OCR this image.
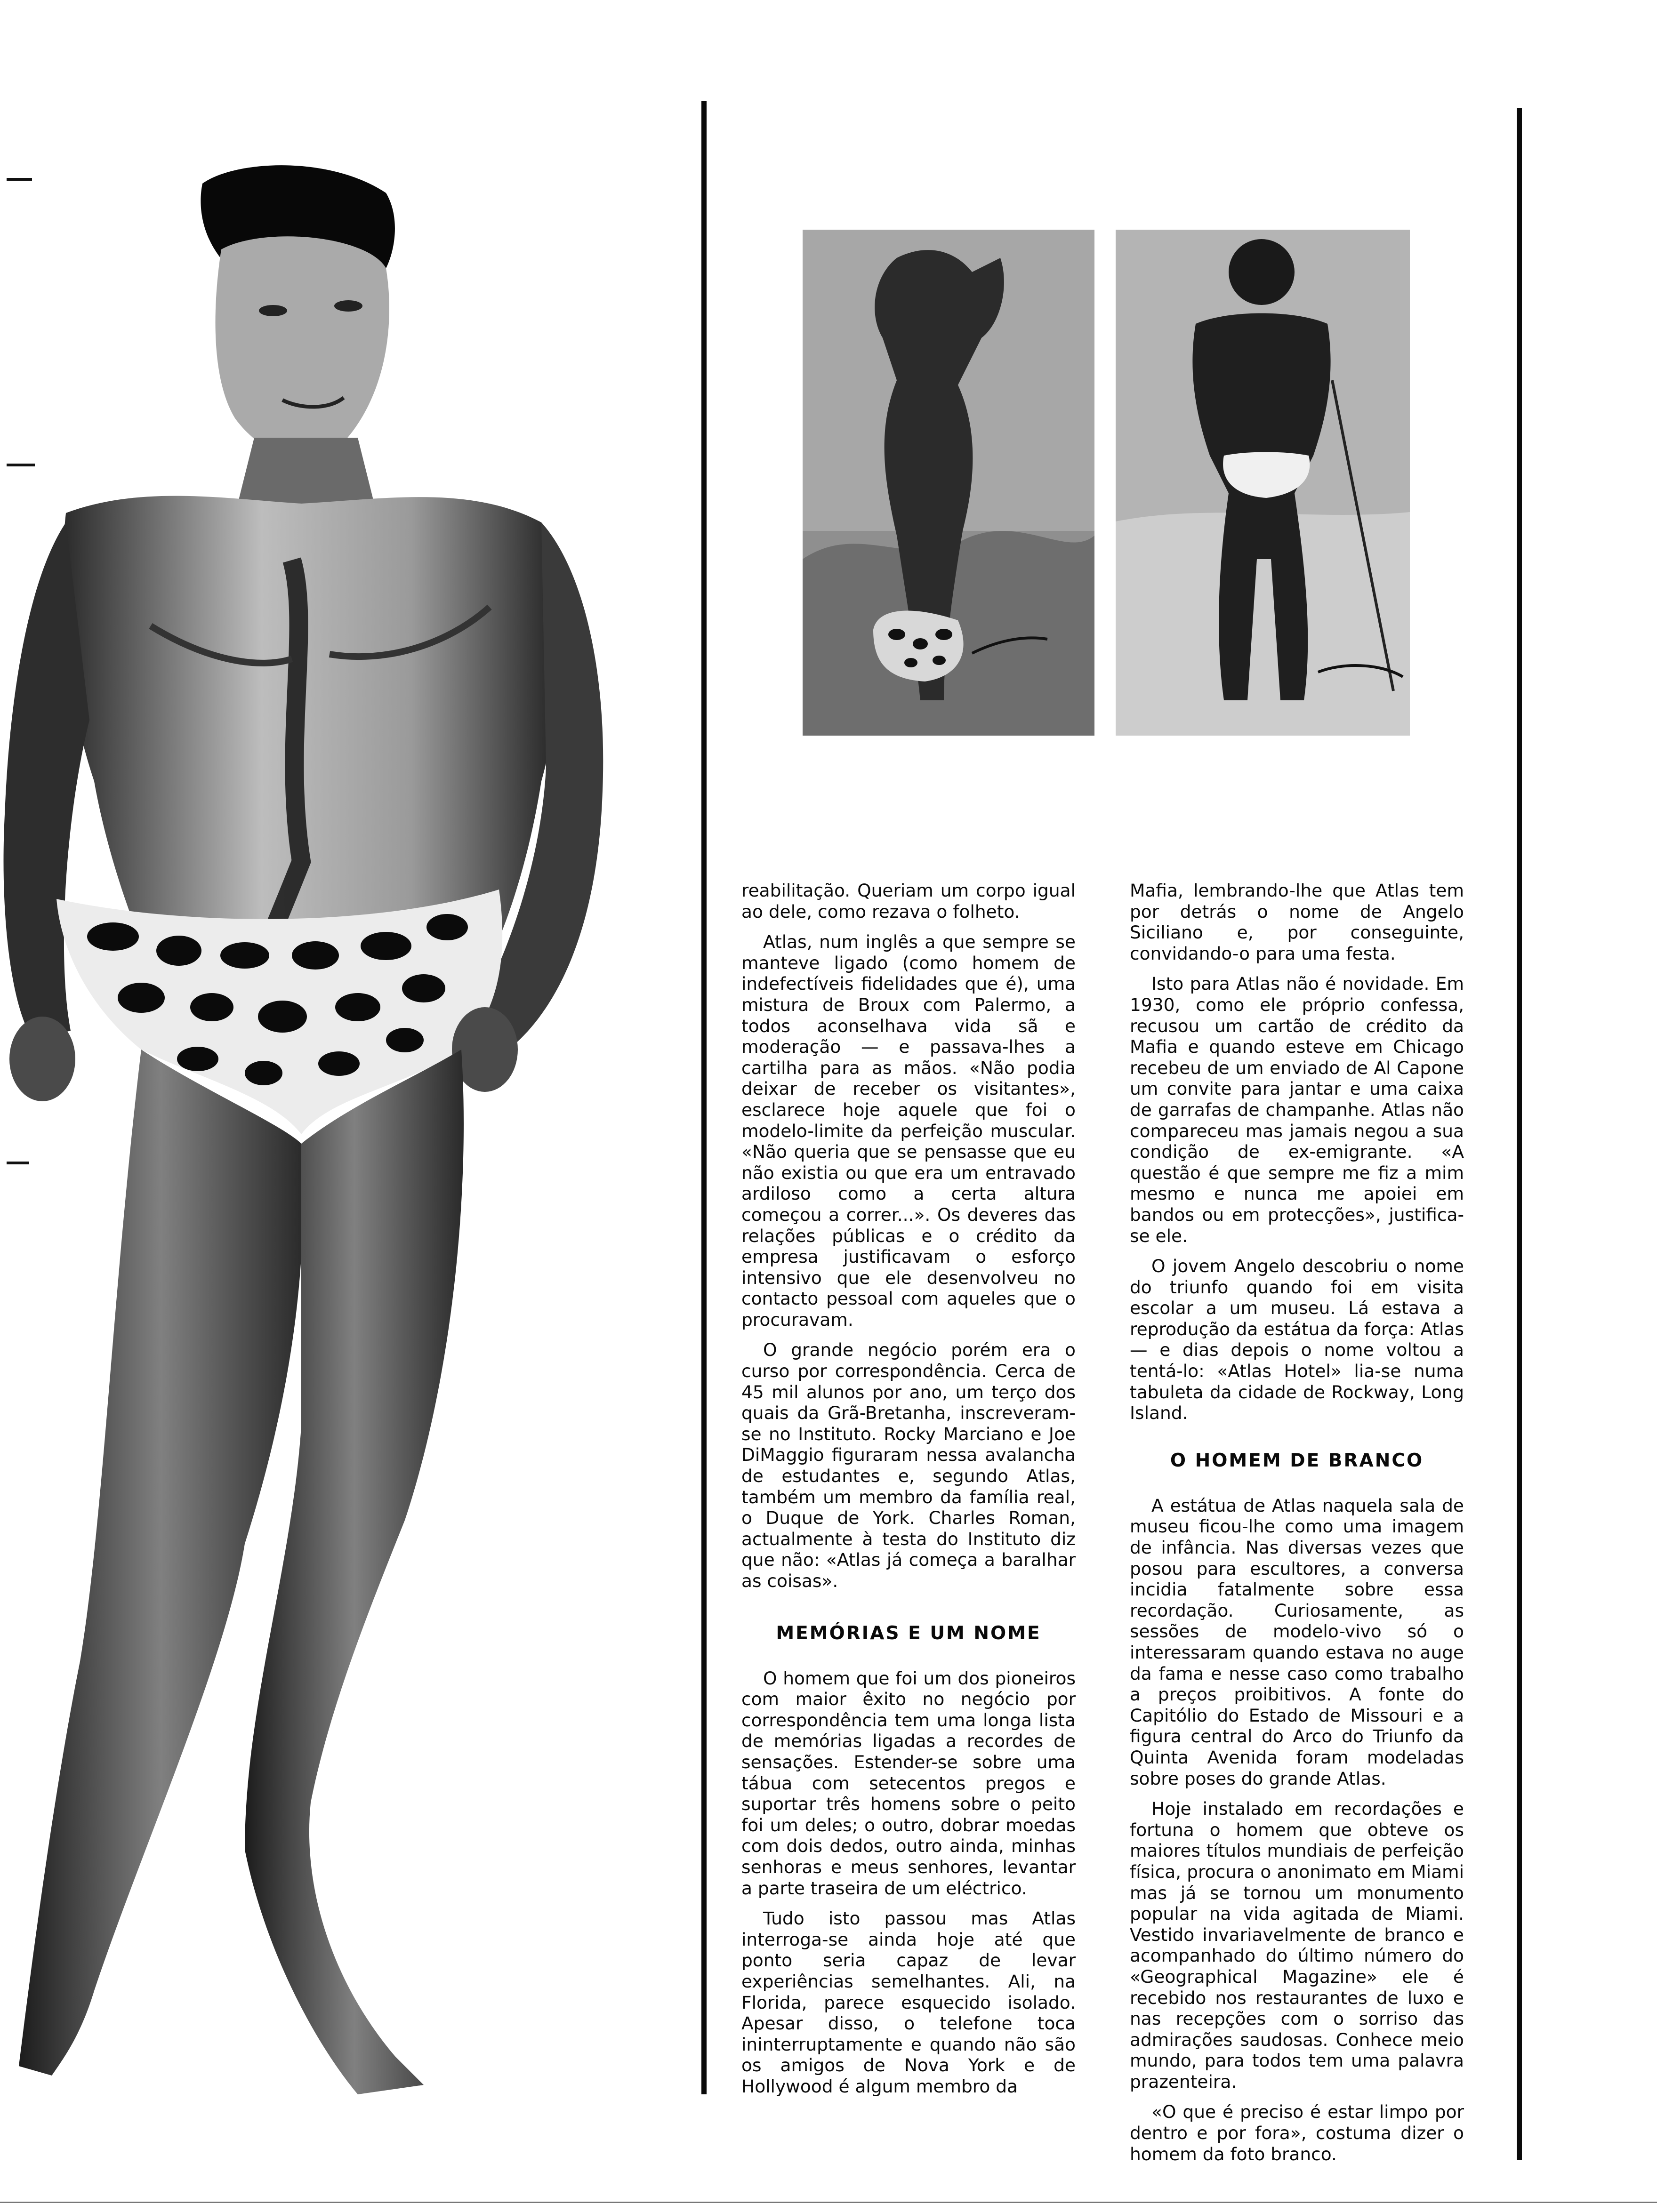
reabilitação. Queriam um corpo igual ao dele, como rezava o folheto.

Atlas, num inglês a que sempre se manteve ligado (como homem de indefectíveis fidelidades que é), uma mistura de Broux com Palermo, a todos aconselhava vida sã e moderação — e passava-lhes a cartilha para as mãos. «Não podia deixar de receber os visitantes», esclarece hoje aquele que foi o modelo-limite da perfeição muscular. «Não queria que se pensasse que eu não existia ou que era um entravado ardiloso como a certa altura começou a correr...». Os deveres das relações públicas e o crédito da empresa justificavam o esforço intensivo que ele desenvolveu no contacto pessoal com aqueles que o procuravam.

O grande negócio porém era o curso por correspondência. Cerca de 45 mil alunos por ano, um terço dos quais da Grã-Bretanha, inscreveram-se no Instituto. Rocky Marciano e Joe DiMaggio figuraram nessa avalancha de estudantes e, segundo Atlas, também um membro da família real, o Duque de York. Charles Roman, actualmente à testa do Instituto diz que não: «Atlas já começa a baralhar as coisas».

MEMÓRIAS E UM NOME

O homem que foi um dos pioneiros com maior êxito no negócio por correspondência tem uma longa lista de memórias ligadas a recordes de sensações. Estender-se sobre uma tábua com setecentos pregos e suportar três homens sobre o peito foi um deles; o outro, dobrar moedas com dois dedos, outro ainda, minhas senhoras e meus senhores, levantar a parte traseira de um eléctrico.

Tudo isto passou mas Atlas interroga-se ainda hoje até que ponto seria capaz de levar experiências semelhantes. Ali, na Florida, parece esquecido isolado. Apesar disso, o telefone toca ininterruptamente e quando não são os amigos de Nova York e de Hollywood é algum membro da

Mafia, lembrando-lhe que Atlas tem por detrás o nome de Angelo Siciliano e, por conseguinte, convidando-o para uma festa.

Isto para Atlas não é novidade. Em 1930, como ele próprio confessa, recusou um cartão de crédito da Mafia e quando esteve em Chicago recebeu de um enviado de Al Capone um convite para jantar e uma caixa de garrafas de champanhe. Atlas não compareceu mas jamais negou a sua condição de ex-emigrante. «A questão é que sempre me fiz a mim mesmo e nunca me apoiei em bandos ou em protecções», justifica-se ele.

O jovem Angelo descobriu o nome do triunfo quando foi em visita escolar a um museu. Lá estava a reprodução da estátua da força: Atlas — e dias depois o nome voltou a tentá-lo: «Atlas Hotel» lia-se numa tabuleta da cidade de Rockway, Long Island.

O HOMEM DE BRANCO

A estátua de Atlas naquela sala de museu ficou-lhe como uma imagem de infância. Nas diversas vezes que posou para escultores, a conversa incidia fatalmente sobre essa recordação. Curiosamente, as sessões de modelo-vivo só o interessaram quando estava no auge da fama e nesse caso como trabalho a preços proibitivos. A fonte do Capitólio do Estado de Missouri e a figura central do Arco do Triunfo da Quinta Avenida foram modeladas sobre poses do grande Atlas.

Hoje instalado em recordações e fortuna o homem que obteve os maiores títulos mundiais de perfeição física, procura o anonimato em Miami mas já se tornou um monumento popular na vida agitada de Miami. Vestido invariavelmente de branco e acompanhado do último número do «Geographical Magazine» ele é recebido nos restaurantes de luxo e nas recepções com o sorriso das admirações saudosas. Conhece meio mundo, para todos tem uma palavra prazenteira.

«O que é preciso é estar limpo por dentro e por fora», costuma dizer o homem da foto branco.
